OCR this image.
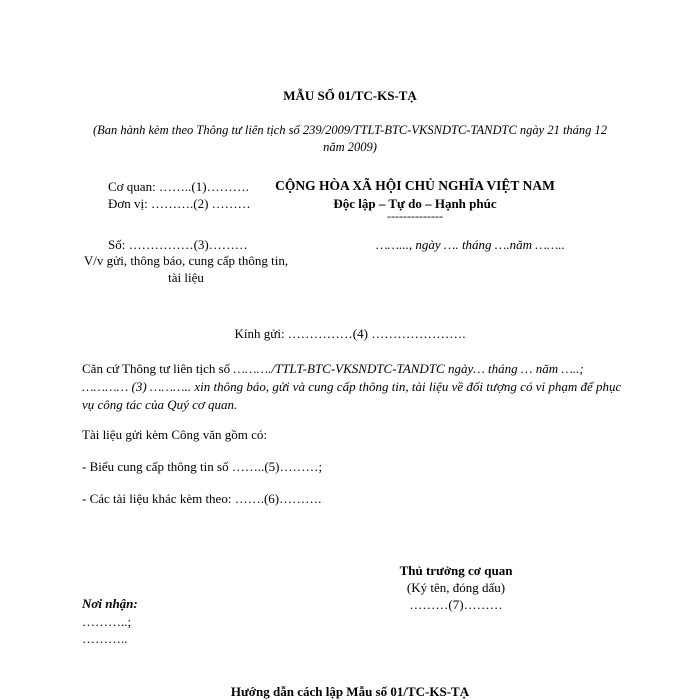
MẪU SỐ 01/TC-KS-TẠ
(Ban hành kèm theo Thông tư liên tịch số 239/2009/TTLT-BTC-VKSNDTC-TANDTC ngày 21 tháng 12 năm 2009)
Cơ quan: ……..(1)……….
Đơn vị: ……….(2) ………
CỘNG HÒA XÃ HỘI CHỦ NGHĨA VIỆT NAM
Độc lập – Tự do – Hạnh phúc
--------------
Số: ……………(3)………	……..., ngày …. tháng ….năm ……..
V/v gửi, thông báo, cung cấp thông tin, tài liệu
Kính gửi: ……………(4) ………………….
Căn cứ Thông tư liên tịch số ………./TTLT-BTC-VKSNDTC-TANDTC ngày… tháng … năm …..; ………… (3) ……….. xin thông báo, gửi và cung cấp thông tin, tài liệu về đối tượng có vi phạm để phục vụ công tác của Quý cơ quan.
Tài liệu gửi kèm Công văn gồm có:
- Biểu cung cấp thông tin số ……..(5)………;
- Các tài liệu khác kèm theo: …….(6)……….
Thủ trưởng cơ quan
(Ký tên, đóng dấu)
………(7)………
Nơi nhận:
………..;
………..
Hướng dẫn cách lập Mẫu số 01/TC-KS-TẠ
